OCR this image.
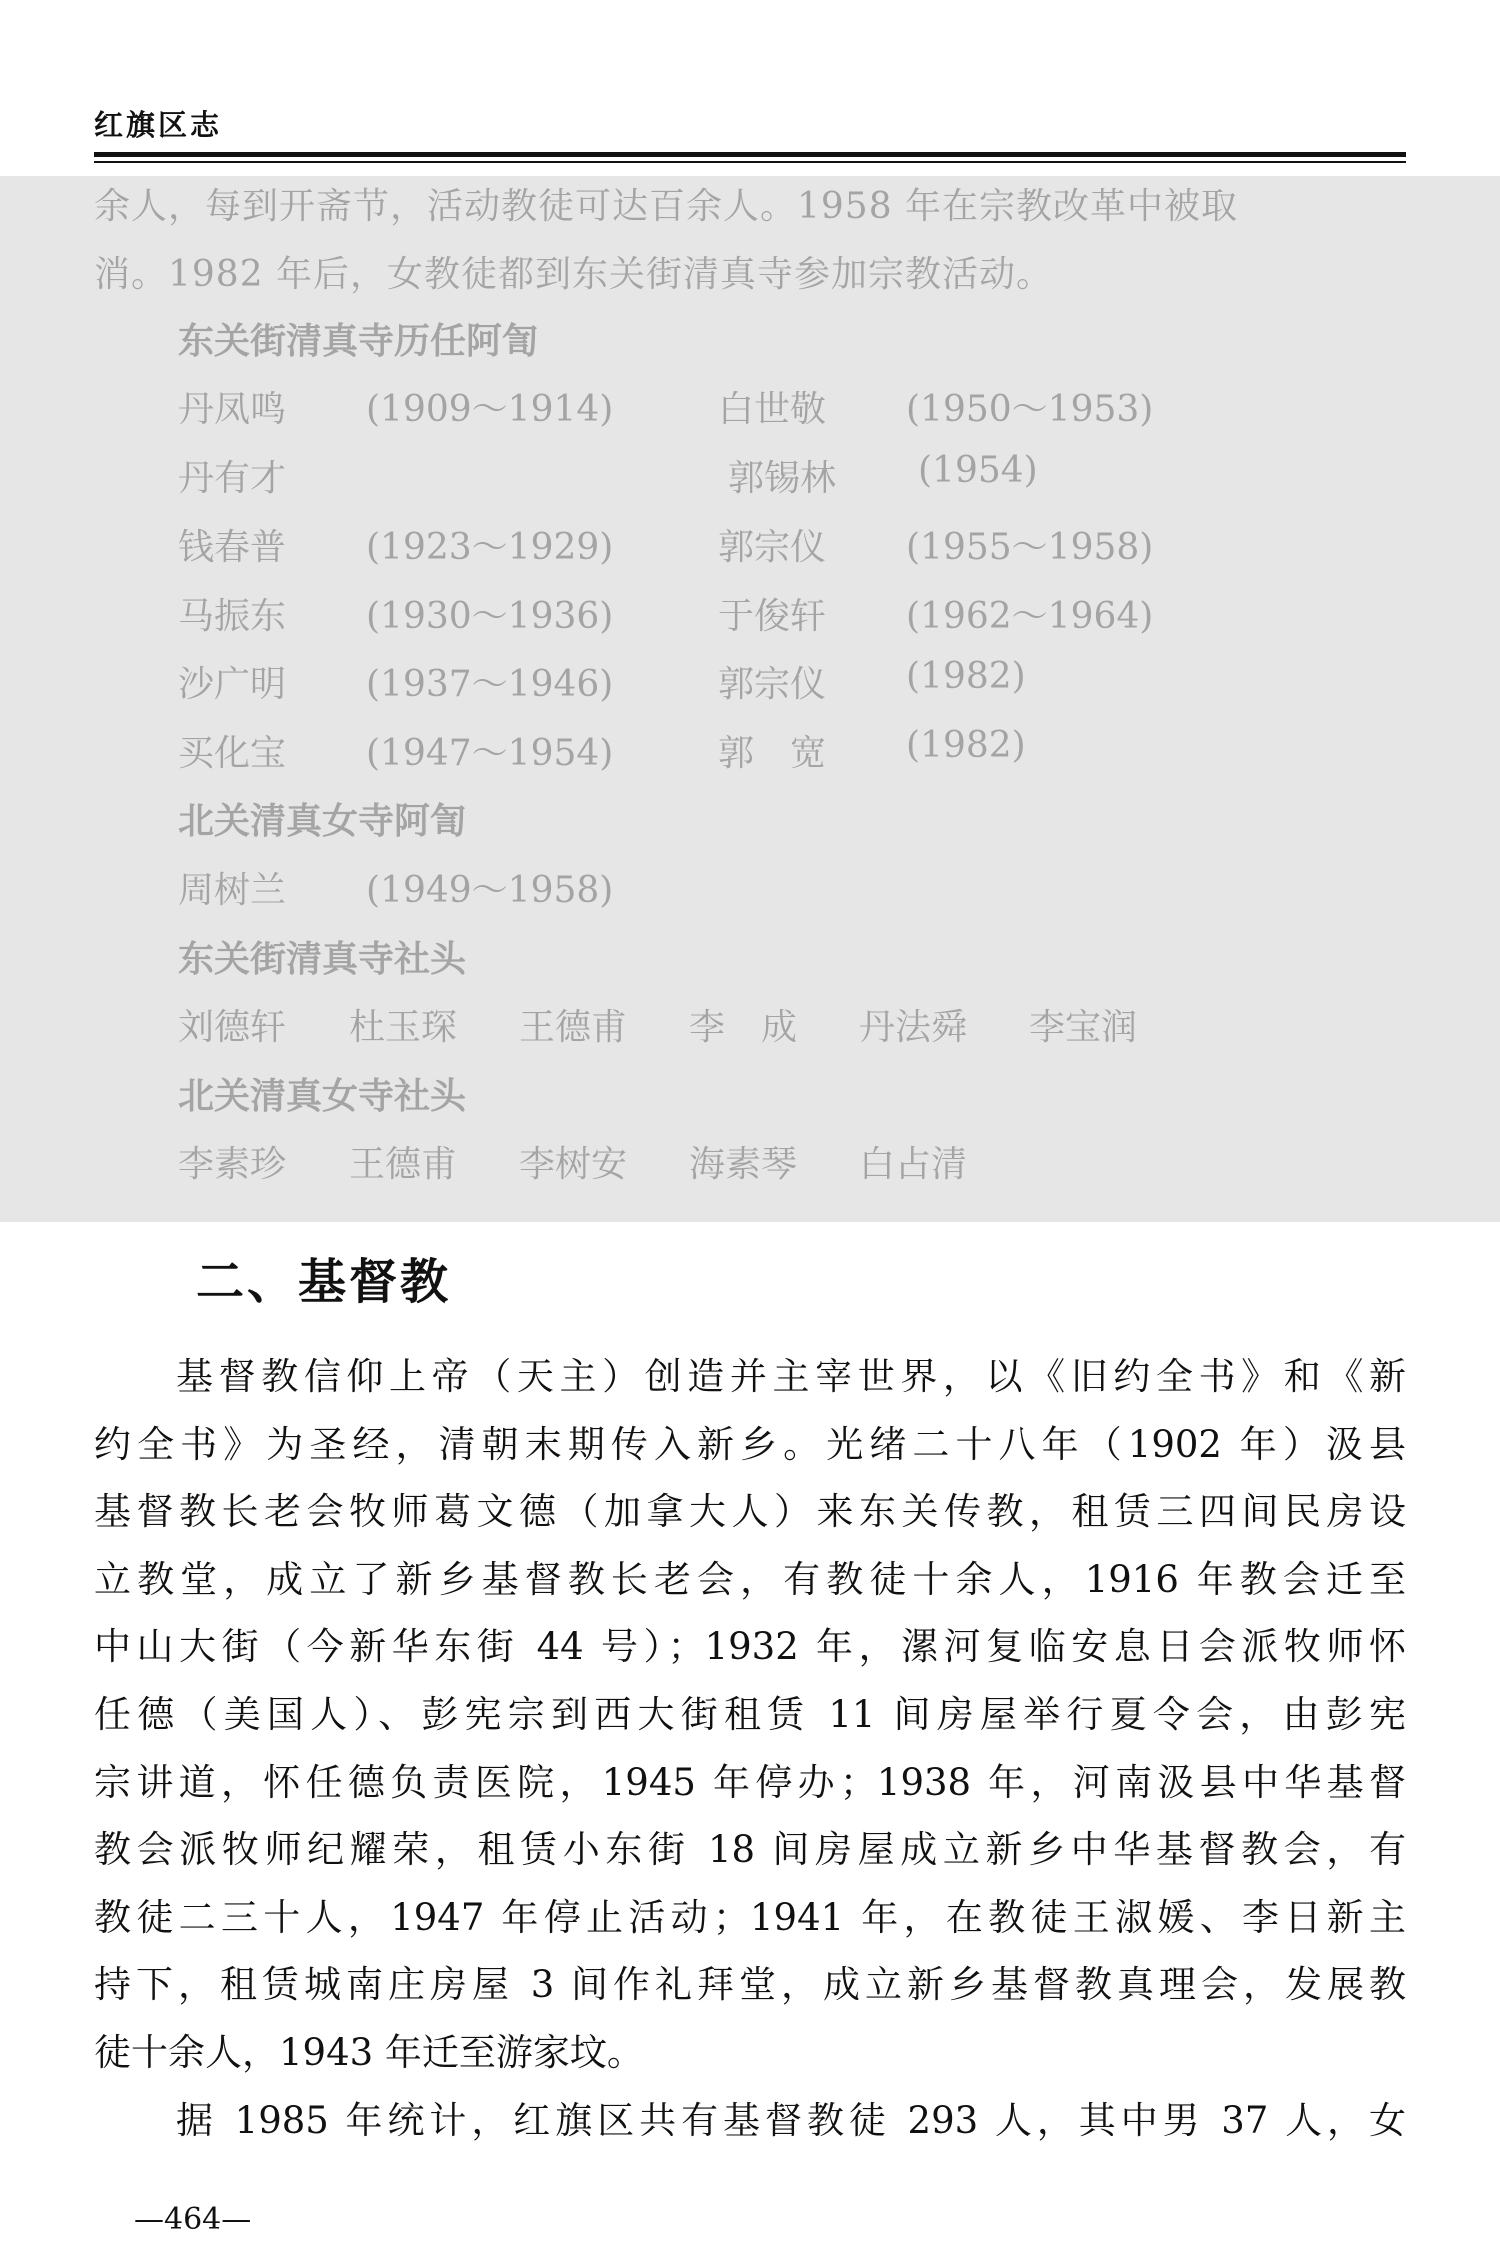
红旗区志
余人，每到开斋节，活动教徒可达百余人。1958 年在宗教改革中被取
消。1982 年后，女教徒都到东关街清真寺参加宗教活动。
东关街清真寺历任阿訇
丹凤鸣 (1909～1914)	白世敬 (1950～1953)
丹有才	郭锡林 (1954)
钱春普 (1923～1929)	郭宗仪 (1955～1958)
马振东 (1930～1936)	于俊轩 (1962～1964)
沙广明 (1937～1946)	郭宗仪 (1982)
买化宝 (1947～1954)	郭　宽 (1982)
北关清真女寺阿訇
周树兰 (1949～1958)
东关街清真寺社头
刘德轩 杜玉琛 王德甫 李　成 丹法舜 李宝润
北关清真女寺社头
李素珍 王德甫 李树安 海素琴 白占清
二、基督教
基督教信仰上帝（天主）创造并主宰世界，以《旧约全书》和《新
约全书》为圣经，清朝末期传入新乡。光绪二十八年（1902 年）汲县
基督教长老会牧师葛文德（加拿大人）来东关传教，租赁三四间民房设
立教堂，成立了新乡基督教长老会，有教徒十余人，1916 年教会迁至
中山大街（今新华东街 44 号）；1932 年，漯河复临安息日会派牧师怀
任德（美国人）、彭宪宗到西大街租赁 11 间房屋举行夏令会，由彭宪
宗讲道，怀任德负责医院，1945 年停办；1938 年，河南汲县中华基督
教会派牧师纪耀荣，租赁小东街 18 间房屋成立新乡中华基督教会，有
教徒二三十人，1947 年停止活动；1941 年，在教徒王淑媛、李日新主
持下，租赁城南庄房屋 3 间作礼拜堂，成立新乡基督教真理会，发展教
徒十余人，1943 年迁至游家坟。
据 1985 年统计，红旗区共有基督教徒 293 人，其中男 37 人，女
—464—
